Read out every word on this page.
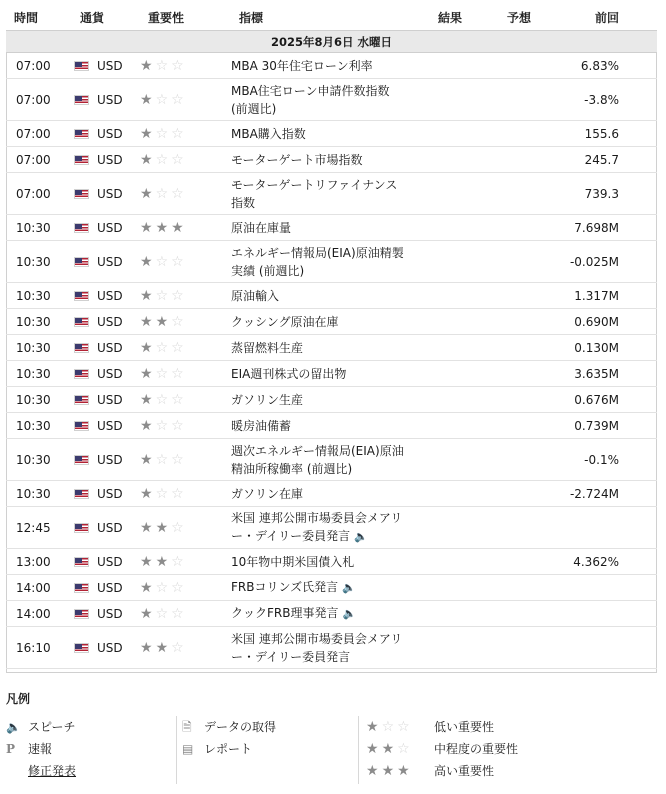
時間	通貨	重要性	指標	結果	予想	前回
2025年8月6日 水曜日						
07:00	USD	★ ☆ ☆	MBA 30年住宅ローン利率			6.83%
07:00	USD	★ ☆ ☆	MBA住宅ローン申請件数指数
(前週比)			-3.8%
07:00	USD	★ ☆ ☆	MBA購入指数			155.6
07:00	USD	★ ☆ ☆	モーターゲート市場指数			245.7
07:00	USD	★ ☆ ☆	モーターゲートリファイナンス
指数			739.3
10:30	USD	★ ★ ★	原油在庫量			7.698M
10:30	USD	★ ☆ ☆	エネルギー情報局(EIA)原油精製
実績 (前週比)			-0.025M
10:30	USD	★ ☆ ☆	原油輸入			1.317M
10:30	USD	★ ★ ☆	クッシング原油在庫			0.690M
10:30	USD	★ ☆ ☆	蒸留燃料生産			0.130M
10:30	USD	★ ☆ ☆	EIA週刊株式の留出物			3.635M
10:30	USD	★ ☆ ☆	ガソリン生産			0.676M
10:30	USD	★ ☆ ☆	暖房油備蓄			0.739M
10:30	USD	★ ☆ ☆	週次エネルギー情報局(EIA)原油
精油所稼働率 (前週比)			-0.1%
10:30	USD	★ ☆ ☆	ガソリン在庫			-2.724M
12:45	USD	★ ★ ☆	米国 連邦公開市場委員会メアリ
ー・デイリー委員発言 🔈			
13:00	USD	★ ★ ☆	10年物中期米国債入札			4.362%
14:00	USD	★ ☆ ☆	FRBコリンズ氏発言 🔈			
14:00	USD	★ ☆ ☆	クックFRB理事発言 🔈			
16:10	USD	★ ★ ☆	米国 連邦公開市場委員会メアリ
ー・デイリー委員発言			
凡例
🔈 スピーチ
P 速報
修正発表
🗎 データの取得
▤ レポート
★ ☆ ☆ 低い重要性
★ ★ ☆ 中程度の重要性
★ ★ ★ 高い重要性
